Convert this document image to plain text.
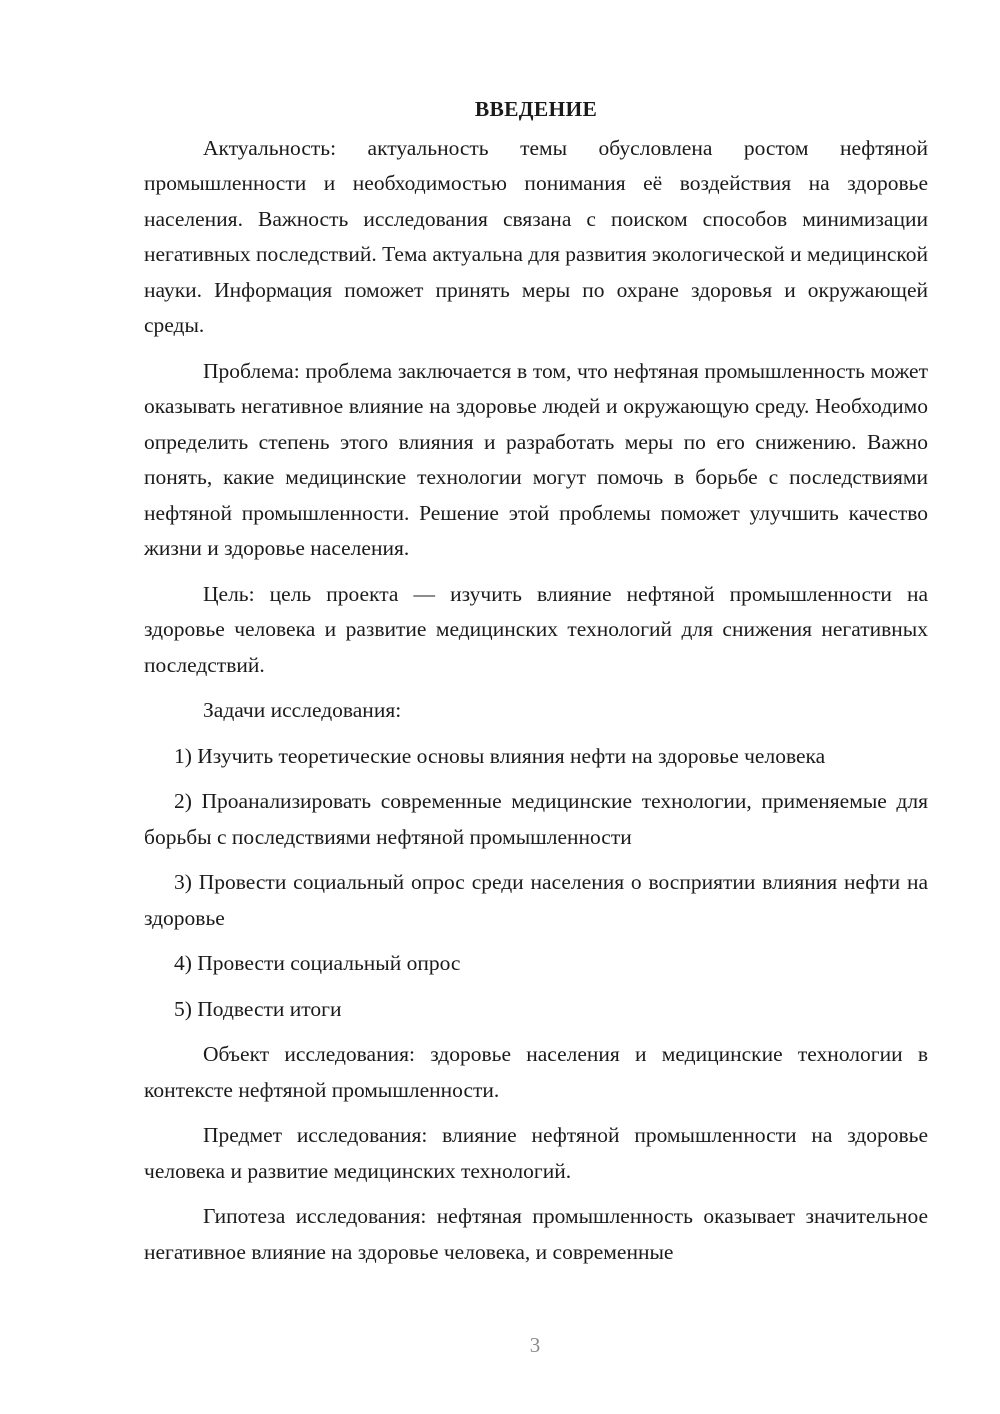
ВВЕДЕНИЕ

Актуальность: актуальность темы обусловлена ростом нефтяной промышленности и необходимостью понимания её воздействия на здоровье населения. Важность исследования связана с поиском способов минимизации негативных последствий. Тема актуальна для развития экологической и медицинской науки. Информация поможет принять меры по охране здоровья и окружающей среды.

Проблема: проблема заключается в том, что нефтяная промышленность может оказывать негативное влияние на здоровье людей и окружающую среду. Необходимо определить степень этого влияния и разработать меры по его снижению. Важно понять, какие медицинские технологии могут помочь в борьбе с последствиями нефтяной промышленности. Решение этой проблемы поможет улучшить качество жизни и здоровье населения.

Цель: цель проекта — изучить влияние нефтяной промышленности на здоровье человека и развитие медицинских технологий для снижения негативных последствий.

Задачи исследования:

1) Изучить теоретические основы влияния нефти на здоровье человека

2) Проанализировать современные медицинские технологии, применяемые для борьбы с последствиями нефтяной промышленности

3) Провести социальный опрос среди населения о восприятии влияния нефти на здоровье

4) Провести социальный опрос

5) Подвести итоги

Объект исследования: здоровье населения и медицинские технологии в контексте нефтяной промышленности.

Предмет исследования: влияние нефтяной промышленности на здоровье человека и развитие медицинских технологий.

Гипотеза исследования: нефтяная промышленность оказывает значительное негативное влияние на здоровье человека, и современные

3
